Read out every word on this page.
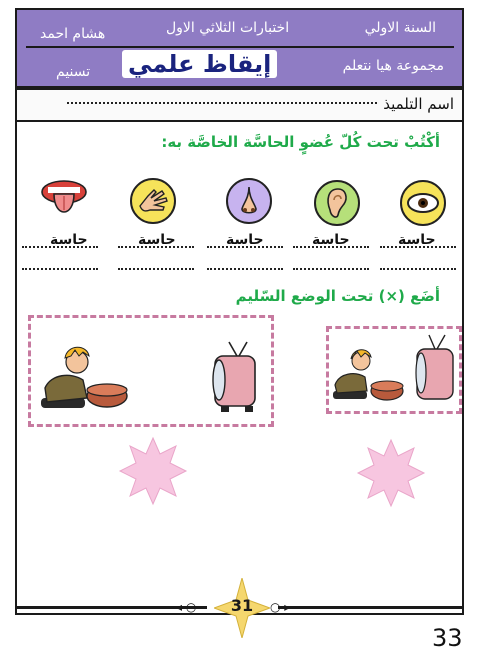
السنة الاولي
اختبارات الثلاثي الاول
هشام احمد
مجموعة هيا نتعلم
إيقاظ علمي
تسنيم
اسم التلميذ
أكْتُبْ تحت كُلّ عُضوٍ الحاسَّة الخاصَّة به:
حاسة
حاسة
حاسة
حاسة
حاسة
أضَع (×) تحت الوضع السّليم
◂ ○	○ ▸
31
33
